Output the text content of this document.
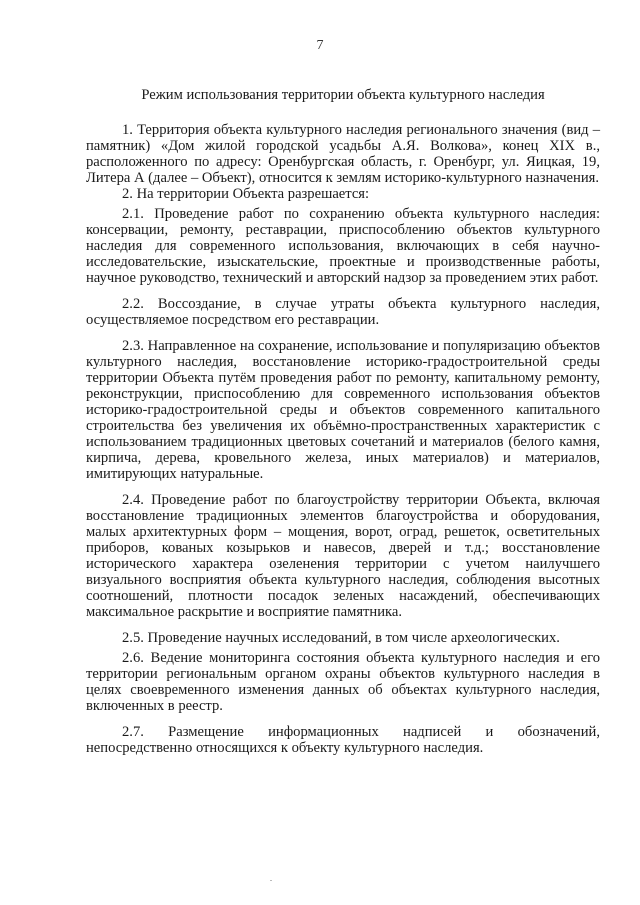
7
Режим использования территории объекта культурного наследия

1. Территория объекта культурного наследия регионального значения (вид – памятник) «Дом жилой городской усадьбы А.Я. Волкова», конец XIX в., расположенного по адресу: Оренбургская область, г. Оренбург, ул. Яицкая, 19, Литера А (далее – Объект), относится к землям историко-культурного назначения.

2. На территории Объекта разрешается:

2.1. Проведение работ по сохранению объекта культурного наследия: консервации, ремонту, реставрации, приспособлению объектов культурного наследия для современного использования, включающих в себя научно-исследовательские, изыскательские, проектные и производственные работы, научное руководство, технический и авторский надзор за проведением этих работ.

2.2. Воссоздание, в случае утраты объекта культурного наследия, осуществляемое посредством его реставрации.

2.3. Направленное на сохранение, использование и популяризацию объектов культурного наследия, восстановление историко-градостроительной среды территории Объекта путём проведения работ по ремонту, капитальному ремонту, реконструкции, приспособлению для современного использования объектов историко-градостроительной среды и объектов современного капитального строительства без увеличения их объёмно-пространственных характеристик с использованием традиционных цветовых сочетаний и материалов (белого камня, кирпича, дерева, кровельного железа, иных материалов) и материалов, имитирующих натуральные.

2.4. Проведение работ по благоустройству территории Объекта, включая восстановление традиционных элементов благоустройства и оборудования, малых архитектурных форм – мощения, ворот, оград, решеток, осветительных приборов, кованых козырьков и навесов, дверей и т.д.; восстановление исторического характера озеленения территории с учетом наилучшего визуального восприятия объекта культурного наследия, соблюдения высотных соотношений, плотности посадок зеленых насаждений, обеспечивающих максимальное раскрытие и восприятие памятника.

2.5. Проведение научных исследований, в том числе археологических.

2.6. Ведение мониторинга состояния объекта культурного наследия и его территории региональным органом охраны объектов культурного наследия в целях своевременного изменения данных об объектах культурного наследия, включенных в реестр.

2.7. Размещение информационных надписей и обозначений, непосредственно относящихся к объекту культурного наследия.
